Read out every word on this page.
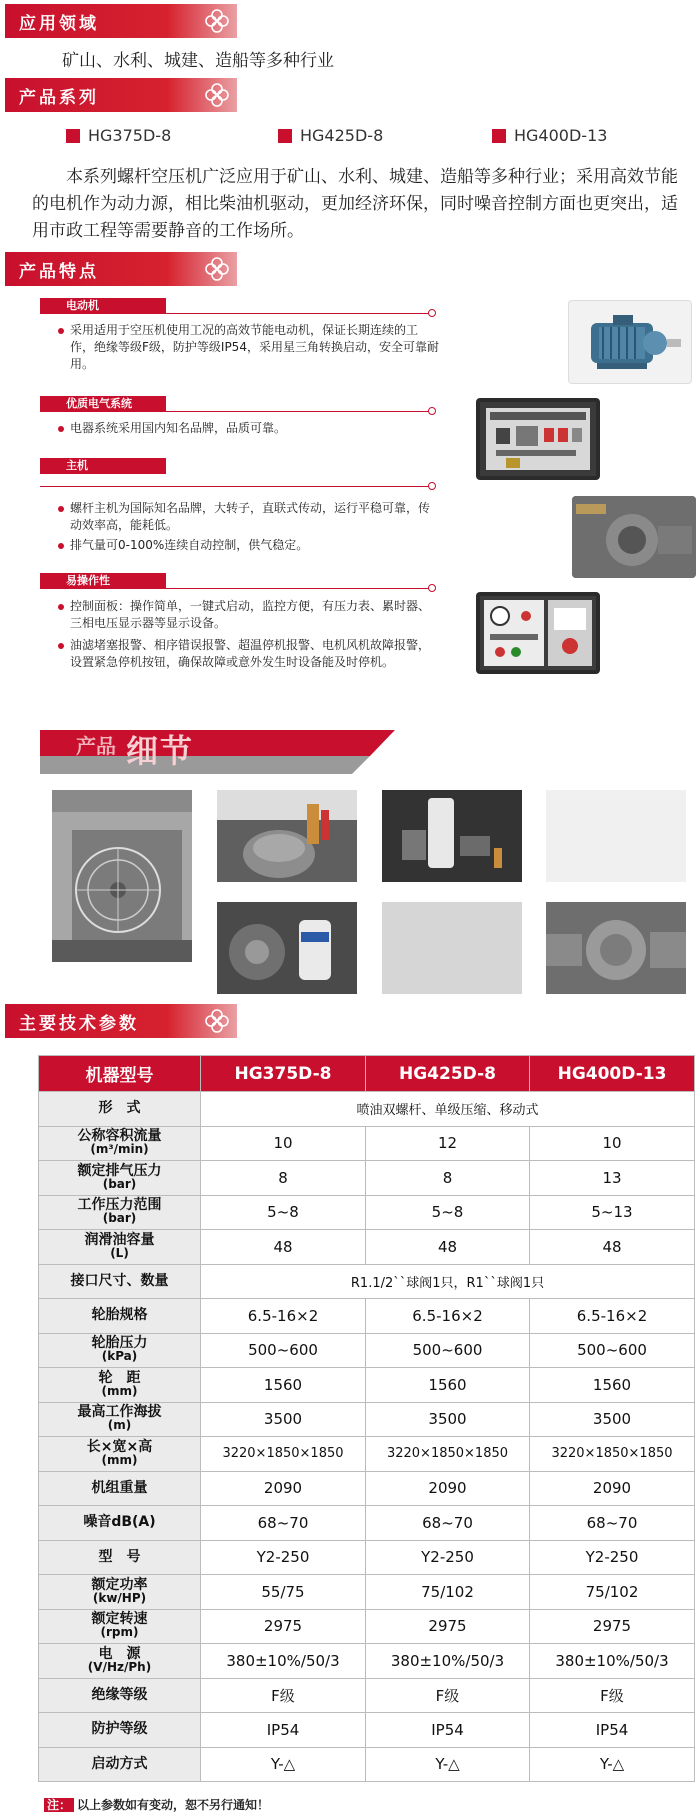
应用领域
矿山、水利、城建、造船等多种行业
产品系列
HG375D-8	HG425D-8	HG400D-13
本系列螺杆空压机广泛应用于矿山、水利、城建、造船等多种行业；采用高效节能的电机作为动力源，相比柴油机驱动，更加经济环保，同时噪音控制方面也更突出，适用市政工程等需要静音的工作场所。
产品特点
电动机
采用适用于空压机使用工况的高效节能电动机，保证长期连续的工作，绝缘等级F级，防护等级IP54，采用星三角转换启动，安全可靠耐用。
优质电气系统
电器系统采用国内知名品牌，品质可靠。
主机
螺杆主机为国际知名品牌，大转子，直联式传动，运行平稳可靠，传动效率高，能耗低。
排气量可0-100%连续自动控制，供气稳定。
易操作性
控制面板：操作简单，一键式启动，监控方便，有压力表、累时器、三相电压显示器等显示设备。
油滤堵塞报警、相序错误报警、超温停机报警、电机风机故障报警，设置紧急停机按钮，确保故障或意外发生时设备能及时停机。
产品 细节
主要技术参数
机器型号	HG375D-8	HG425D-8	HG400D-13
形　式	喷油双螺杆、单级压缩、移动式		
公称容积流量
(m³/min)	10	12	10
额定排气压力
(bar)	8	8	13
工作压力范围
(bar)	5~8	5~8	5~13
润滑油容量
(L)	48	48	48
接口尺寸、数量	R1.1/2``球阀1只，R1``球阀1只		
轮胎规格	6.5-16×2	6.5-16×2	6.5-16×2
轮胎压力
(kPa)	500~600	500~600	500~600
轮　距
(mm)	1560	1560	1560
最高工作海拔
(m)	3500	3500	3500
长×宽×高
(mm)	3220×1850×1850	3220×1850×1850	3220×1850×1850
机组重量	2090	2090	2090
噪音dB(A)	68~70	68~70	68~70
型　号	Y2-250	Y2-250	Y2-250
额定功率
(kw/HP)	55/75	75/102	75/102
额定转速
(rpm)	2975	2975	2975
电　源
(V/Hz/Ph)	380±10%/50/3	380±10%/50/3	380±10%/50/3
绝缘等级	F级	F级	F级
防护等级	IP54	IP54	IP54
启动方式	Y-△	Y-△	Y-△
注： 以上参数如有变动，恕不另行通知！
